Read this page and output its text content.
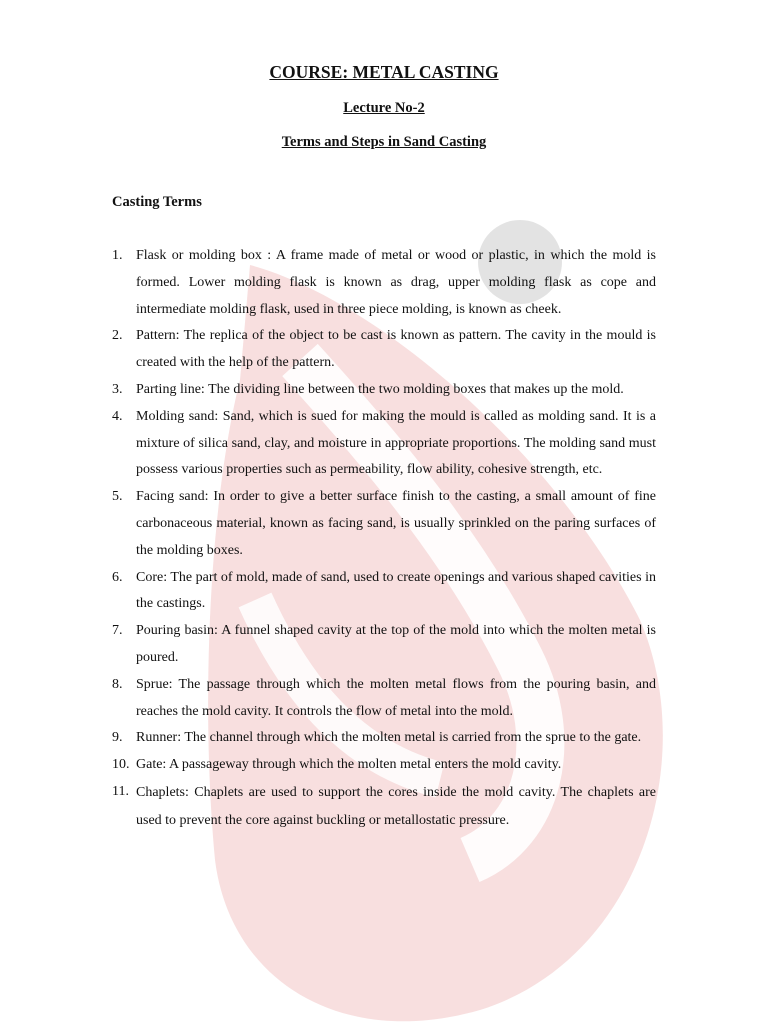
COURSE: METAL CASTING
Lecture No-2
Terms and Steps in Sand Casting
Casting Terms
1. Flask or molding box : A frame made of metal or wood or plastic, in which the mold is formed. Lower molding flask is known as drag, upper molding flask as cope and intermediate molding flask, used in three piece molding, is known as cheek.
2. Pattern: The replica of the object to be cast is known as pattern. The cavity in the mould is created with the help of the pattern.
3. Parting line: The dividing line between the two molding boxes that makes up the mold.
4. Molding sand: Sand, which is sued for making the mould is called as molding sand. It is a mixture of silica sand, clay, and moisture in appropriate proportions. The molding sand must possess various properties such as permeability, flow ability, cohesive strength, etc.
5. Facing sand: In order to give a better surface finish to the casting, a small amount of fine carbonaceous material, known as facing sand, is usually sprinkled on the paring surfaces of the molding boxes.
6. Core: The part of mold, made of sand, used to create openings and various shaped cavities in the castings.
7. Pouring basin: A funnel shaped cavity at the top of the mold into which the molten metal is poured.
8. Sprue: The passage through which the molten metal flows from the pouring basin, and reaches the mold cavity. It controls the flow of metal into the mold.
9. Runner: The channel through which the molten metal is carried from the sprue to the gate.
10. Gate: A passageway through which the molten metal enters the mold cavity.
11. Chaplets: Chaplets are used to support the cores inside the mold cavity. The chaplets are used to prevent the core against buckling or metallostatic pressure.
